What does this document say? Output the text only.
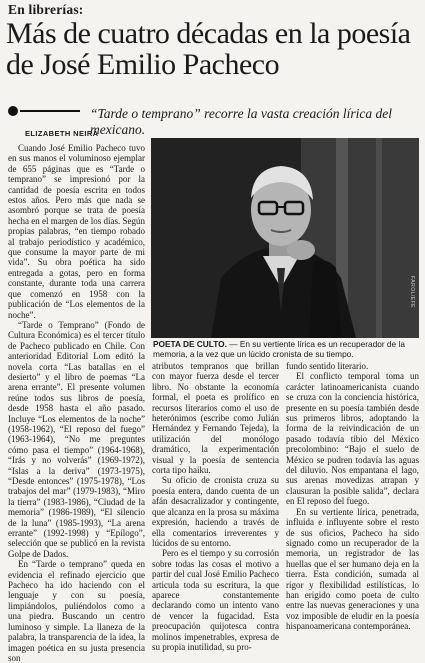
En librerías:
Más de cuatro décadas en la poesía de José Emilio Pacheco
“Tarde o temprano” recorre la vasta creación lírica del mexicano.
ELIZABETH NEIRA

Cuando José Emilio Pacheco tuvo en sus manos el voluminoso ejemplar de 655 páginas que es “Tarde o temprano” se impresionó por la cantidad de poesía escrita en todos estos años. Pero más que nada se asombró porque se trata de poesía hecha en el margen de los días. Según propias palabras, “en tiempo robado al trabajo periodístico y académico, que consume la mayor parte de mi vida”. Su obra poética ha sido entregada a gotas, pero en forma constante, durante toda una carrera que comenzó en 1958 con la publicación de “Los elementos de la noche”.

“Tarde o Temprano” (Fondo de Cultura Económica) es el tercer título de Pacheco publicado en Chile. Con anterioridad Editorial Lom editó la novela corta “Las batallas en el desierto” y el libro de poemas “La arena errante”. El presente volumen reúne todos sus libros de poesía, desde 1958 hasta el año pasado. Incluye “Los elementos de la noche” (1958-1962), “El reposo del fuego” (1963-1964), “No me preguntes cómo pasa el tiempo” (1964-1968), “Irás y no volverás” (1969-1972), “Islas a la deriva” (1973-1975), “Desde entonces” (1975-1978), “Los trabajos del mar” (1979-1983), “Miro la tierra” (1983-1986), “Ciudad de la memoria” (1986-1989), “El silencio de la luna” (1985-1993), “La arena errante” (1992-1998) y “Epílogo”, selección que se publicó en la revista Golpe de Dados.

En “Tarde o temprano” queda en evidencia el refinado ejercicio que Pacheco ha ido haciendo con el lenguaje y con su poesía, limpiándolos, puliéndolos como a una piedra. Buscando un centro luminoso y simple. La llaneza de la palabra, la transparencia de la idea, la imagen poética en su justa presencia son

FAROL/EFE
POETA DE CULTO. — En su vertiente lírica es un recuperador de la memoria, a la vez que un lúcido cronista de su tiempo.

atributos tempranos que brillan con mayor fuerza desde el tercer libro. No obstante la economía formal, el poeta es prolífico en recursos literarios como el uso de heterónimos (escribe como Julián Hernández y Fernando Tejeda), la utilización del monólogo dramático, la experimentación visual y la poesía de sentencia corta tipo haiku.

Su oficio de cronista cruza su poesía entera, dando cuenta de un afán desacralizador y contingente, que alcanza en la prosa su máxima expresión, haciendo a través de ella comentarios irreverentes y lúcidos de su entorno.

Pero es el tiempo y su corrosión sobre todas las cosas el motivo a partir del cual José Emilio Pacheco articula toda su escritura, la que aparece constantemente declarando como un intento vano de vencer la fugacidad. Esta preocupación quijotesca contra molinos impenetrables, expresa de su propia inutilidad, su pro-

fundo sentido literario.

El conflicto temporal toma un carácter latinoamericanista cuando se cruza con la conciencia histórica, presente en su poesía también desde sus primeros libros, adoptando la forma de la reivindicación de un pasado todavía tibio del México precolombino: “Bajo el suelo de México se pudren todavía las aguas del diluvio. Nos empantana el lago, sus arenas movedizas atrapan y clausuran la posible salida”, declara en El reposo del fuego.

En su vertiente lírica, penetrada, influida e influyente sobre el resto de sus oficios, Pacheco ha sido signado como un recuperador de la memoria, un registrador de las huellas que el ser humano deja en la tierra. Esta condición, sumada al rigor y flexibilidad estilísticas, lo han erigido como poeta de culto entre las nuevas generaciones y una voz imposible de eludir en la poesía hispanoamericana contemporánea.
